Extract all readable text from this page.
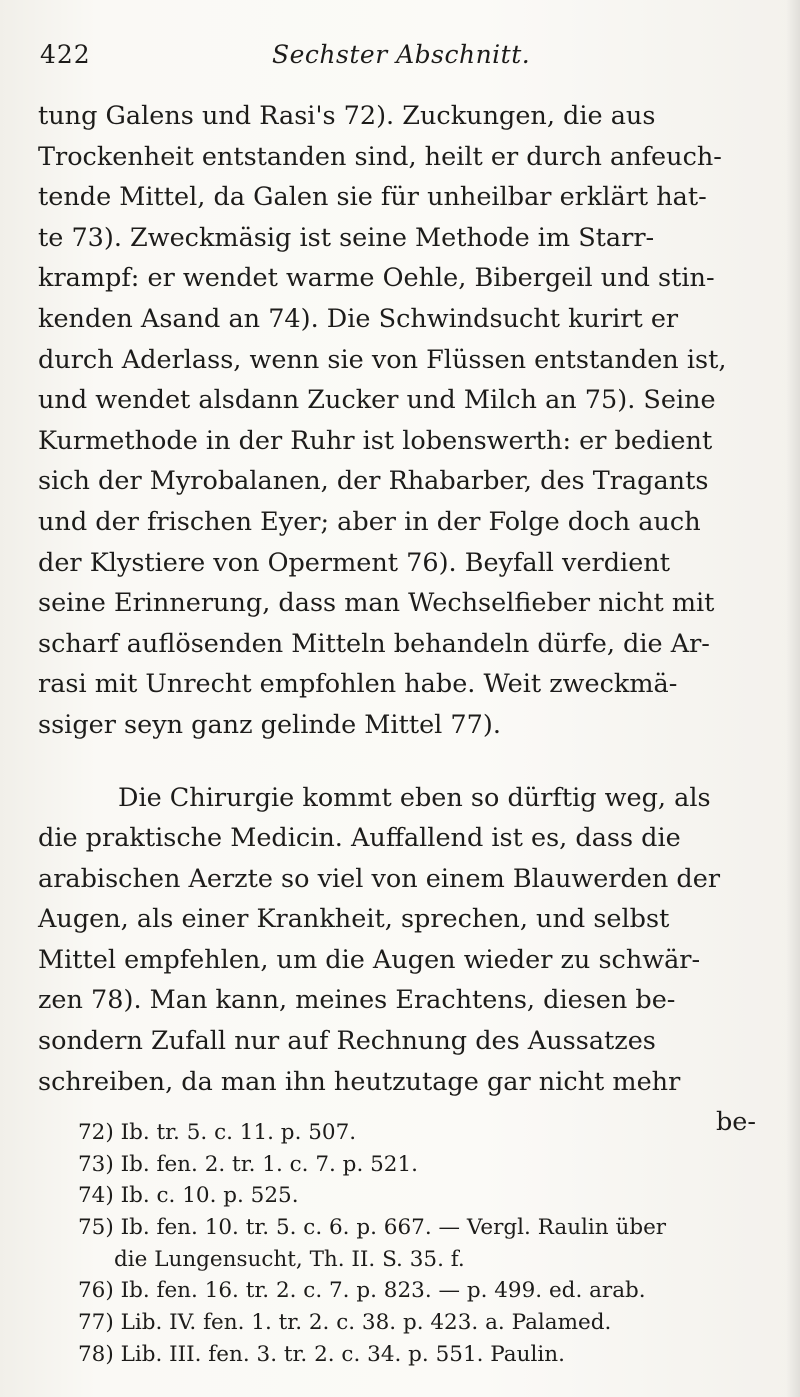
422	Sechster Abschnitt.
tung Galens und Rasi's 72). Zuckungen, die aus
Trockenheit entstanden sind, heilt er durch anfeuch-
tende Mittel, da Galen sie für unheilbar erklärt hat-
te 73). Zweckmäsig ist seine Methode im Starr-
krampf: er wendet warme Oehle, Bibergeil und stin-
kenden Asand an 74). Die Schwindsucht kurirt er
durch Aderlass, wenn sie von Flüssen entstanden ist,
und wendet alsdann Zucker und Milch an 75). Seine
Kurmethode in der Ruhr ist lobenswerth: er bedient
sich der Myrobalanen, der Rhabarber, des Tragants
und der frischen Eyer; aber in der Folge doch auch
der Klystiere von Operment 76). Beyfall verdient
seine Erinnerung, dass man Wechselfieber nicht mit
scharf auflösenden Mitteln behandeln dürfe, die Ar-
rasi mit Unrecht empfohlen habe. Weit zweckmä-
ssiger seyn ganz gelinde Mittel 77).
Die Chirurgie kommt eben so dürftig weg, als
die praktische Medicin. Auffallend ist es, dass die
arabischen Aerzte so viel von einem Blauwerden der
Augen, als einer Krankheit, sprechen, und selbst
Mittel empfehlen, um die Augen wieder zu schwär-
zen 78). Man kann, meines Erachtens, diesen be-
sondern Zufall nur auf Rechnung des Aussatzes
schreiben, da man ihn heutzutage gar nicht mehr
be-
72) Ib. tr. 5. c. 11. p. 507.
73) Ib. fen. 2. tr. 1. c. 7. p. 521.
74) Ib. c. 10. p. 525.
75) Ib. fen. 10. tr. 5. c. 6. p. 667. — Vergl. Raulin über
die Lungensucht, Th. II. S. 35. f.
76) Ib. fen. 16. tr. 2. c. 7. p. 823. — p. 499. ed. arab.
77) Lib. IV. fen. 1. tr. 2. c. 38. p. 423. a. Palamed.
78) Lib. III. fen. 3. tr. 2. c. 34. p. 551. Paulin.
